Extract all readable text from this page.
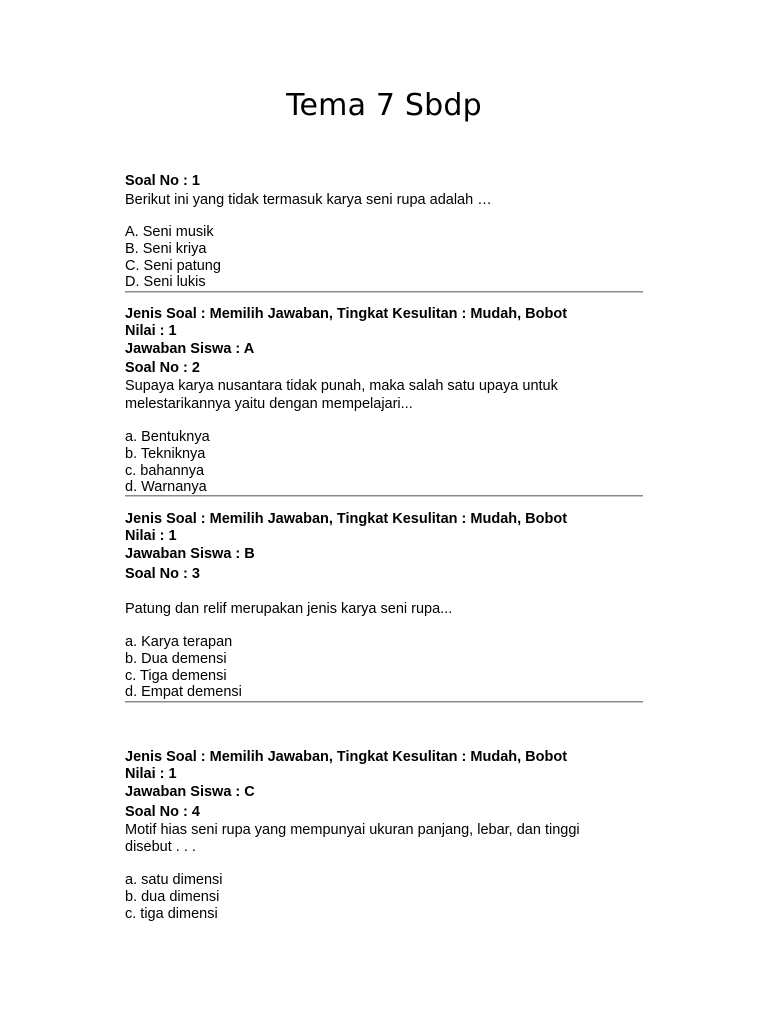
Tema 7 Sbdp

Soal No : 1

Berikut ini yang tidak termasuk karya seni rupa adalah …

A. Seni musik
B. Seni kriya
C. Seni patung
D. Seni lukis

Jenis Soal : Memilih Jawaban, Tingkat Kesulitan : Mudah, Bobot

Nilai : 1

Jawaban Siswa : A

Soal No : 2

Supaya karya nusantara tidak punah, maka salah satu upaya untuk

melestarikannya yaitu dengan mempelajari...

a. Bentuknya
b. Tekniknya
c. bahannya
d. Warnanya

Jenis Soal : Memilih Jawaban, Tingkat Kesulitan : Mudah, Bobot

Nilai : 1

Jawaban Siswa : B

Soal No : 3

Patung dan relif merupakan jenis karya seni rupa...

a. Karya terapan
b. Dua demensi
c. Tiga demensi
d. Empat demensi

Jenis Soal : Memilih Jawaban, Tingkat Kesulitan : Mudah, Bobot

Nilai : 1

Jawaban Siswa : C

Soal No : 4

Motif hias seni rupa yang mempunyai ukuran panjang, lebar, dan tinggi

disebut . . .

a. satu dimensi
b. dua dimensi
c. tiga dimensi
